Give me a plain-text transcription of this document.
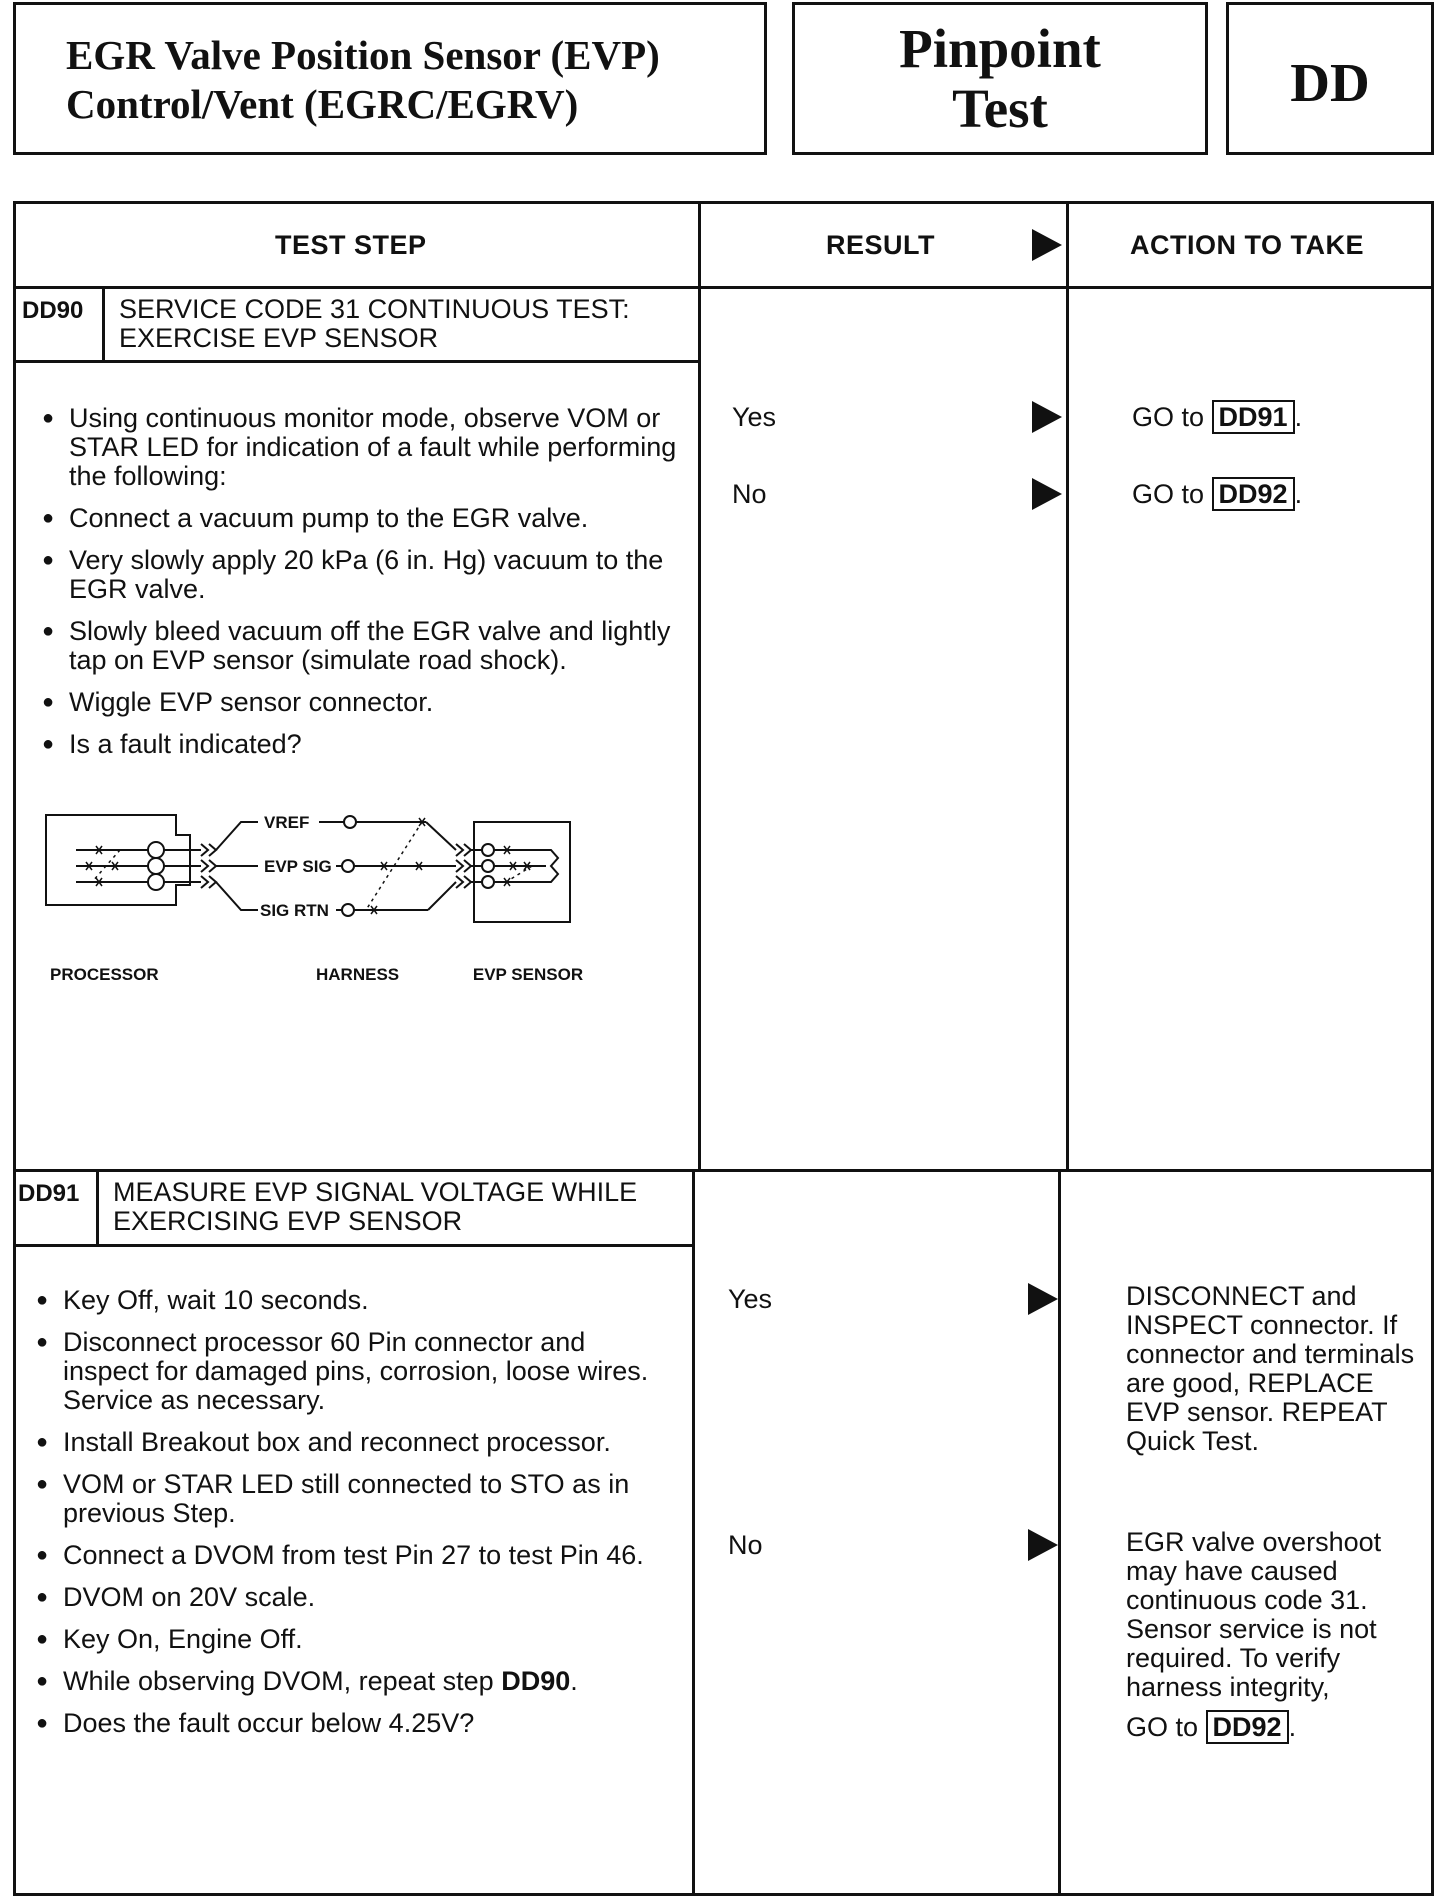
EGR Valve Position Sensor (EVP)
Control/Vent (EGRC/EGRV)
Pinpoint
Test	DD
TEST STEP	RESULT	ACTION TO TAKE
DD90 SERVICE CODE 31 CONTINUOUS TEST:
EXERCISE EVP SENSOR
● Using continuous monitor mode, observe VOM or STAR LED for indication of a fault while performing the following:
● Connect a vacuum pump to the EGR valve.
● Very slowly apply 20 kPa (6 in. Hg) vacuum to the EGR valve.
● Slowly bleed vacuum off the EGR valve and lightly tap on EVP sensor (simulate road shock).
● Wiggle EVP sensor connector.
● Is a fault indicated?
VREF
EVP SIG
SIG RTN
PROCESSOR	HARNESS	EVP SENSOR
Yes	GO to DD91 .
No	GO to DD92 .
DD91 MEASURE EVP SIGNAL VOLTAGE WHILE
EXERCISING EVP SENSOR
● Key Off, wait 10 seconds.
● Disconnect processor 60 Pin connector and inspect for damaged pins, corrosion, loose wires. Service as necessary.
● Install Breakout box and reconnect processor.
● VOM or STAR LED still connected to STO as in previous Step.
● Connect a DVOM from test Pin 27 to test Pin 46.
● DVOM on 20V scale.
● Key On, Engine Off.
● While observing DVOM, repeat step DD90.
● Does the fault occur below 4.25V?
Yes	DISCONNECT and INSPECT connector. If connector and terminals are good, REPLACE EVP sensor. REPEAT Quick Test.
No	EGR valve overshoot may have caused continuous code 31. Sensor service is not required. To verify harness integrity,
GO to DD92 .
